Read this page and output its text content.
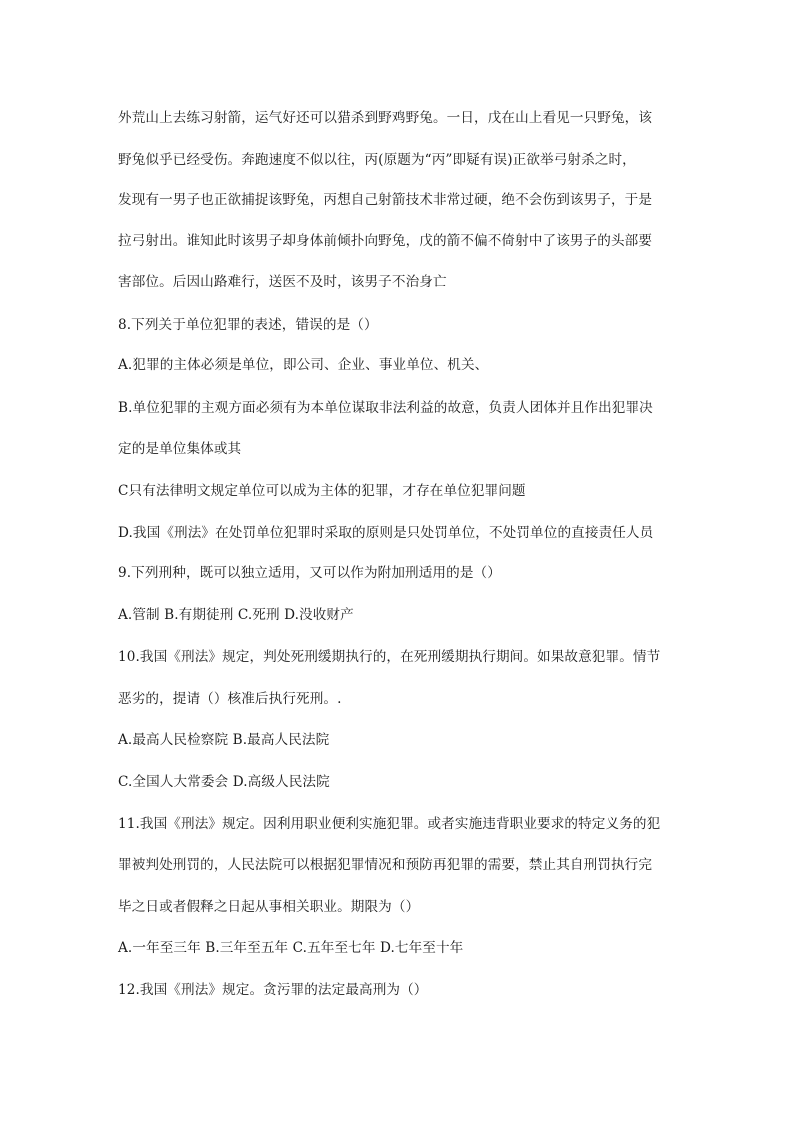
外荒山上去练习射箭，运气好还可以猎杀到野鸡野兔。一日，戊在山上看见一只野兔，该
野兔似乎已经受伤。奔跑速度不似以往，丙(原题为“丙”即疑有误)正欲举弓射杀之时，
发现有一男子也正欲捕捉该野兔，丙想自己射箭技术非常过硬，绝不会伤到该男子，于是
拉弓射出。谁知此时该男子却身体前倾扑向野兔，戊的箭不偏不倚射中了该男子的头部要
害部位。后因山路难行，送医不及时，该男子不治身亡
8.下列关于单位犯罪的表述，错误的是（）
A.犯罪的主体必须是单位，即公司、企业、事业单位、机关、
B.单位犯罪的主观方面必须有为本单位谋取非法利益的故意，负责人团体并且作出犯罪决
定的是单位集体或其
C只有法律明文规定单位可以成为主体的犯罪，才存在单位犯罪问题
D.我国《刑法》在处罚单位犯罪时采取的原则是只处罚单位，不处罚单位的直接责任人员
9.下列刑种，既可以独立适用，又可以作为附加刑适用的是（）
A.管制 B.有期徒刑 C.死刑 D.没收财产
10.我国《刑法》规定，判处死刑缓期执行的，在死刑缓期执行期间。如果故意犯罪。情节
恶劣的，提请（）核准后执行死刑。.
A.最高人民检察院 B.最高人民法院
C.全国人大常委会 D.高级人民法院
11.我国《刑法》规定。因利用职业便利实施犯罪。或者实施违背职业要求的特定义务的犯
罪被判处刑罚的，人民法院可以根据犯罪情况和预防再犯罪的需要，禁止其自刑罚执行完
毕之日或者假释之日起从事相关职业。期限为（）
A.一年至三年 B.三年至五年 C.五年至七年 D.七年至十年
12.我国《刑法》规定。贪污罪的法定最高刑为（）
